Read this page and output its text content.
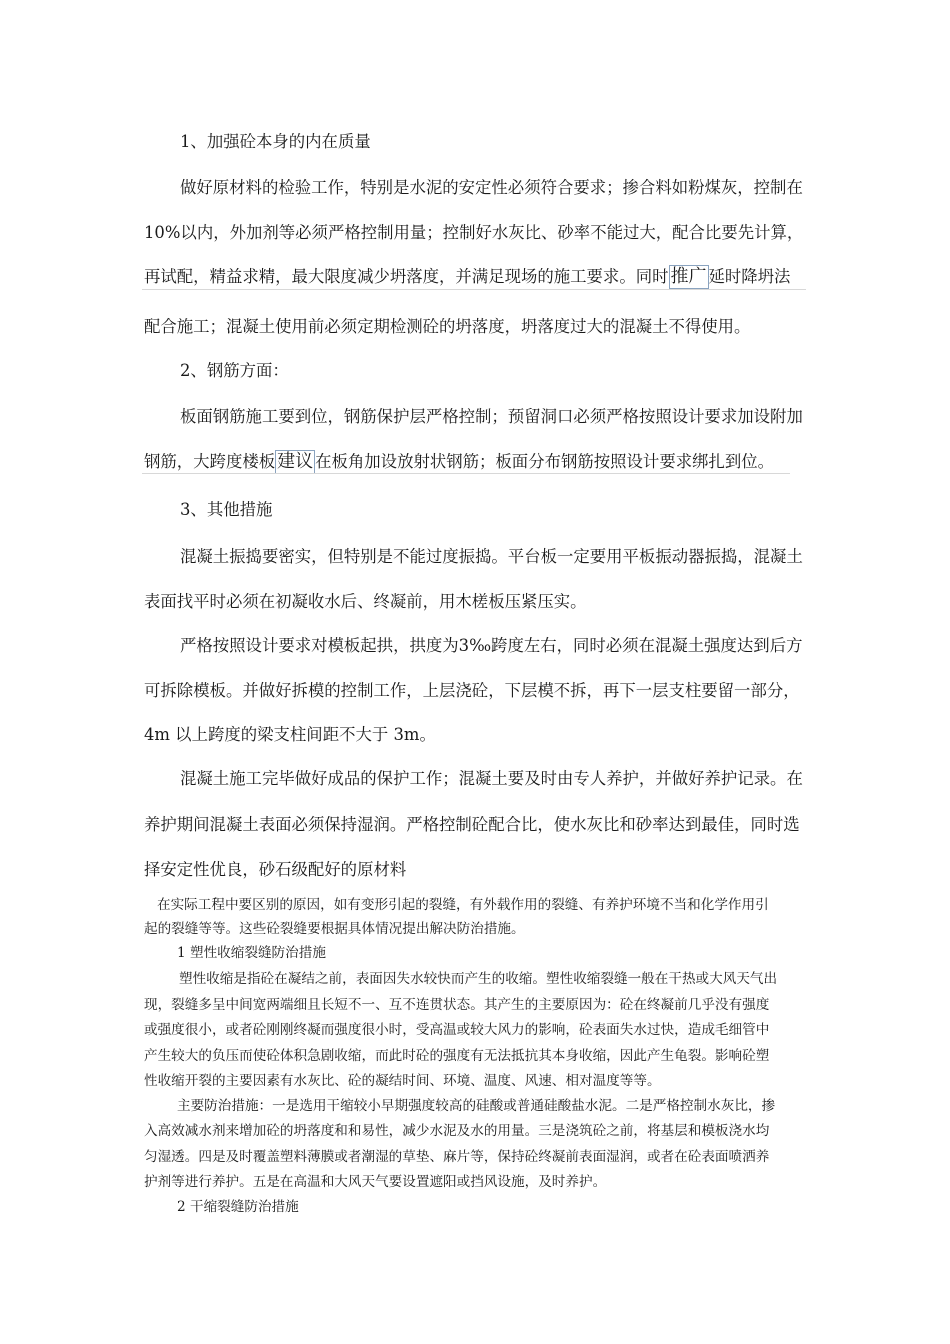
1、加强砼本身的内在质量
做好原材料的检验工作，特别是水泥的安定性必须符合要求；掺合料如粉煤灰，控制在
10%以内，外加剂等必须严格控制用量；控制好水灰比、砂率不能过大，配合比要先计算，
再试配，精益求精，最大限度减少坍落度，并满足现场的施工要求。同时 推广 延时降坍法
配合施工；混凝土使用前必须定期检测砼的坍落度，坍落度过大的混凝土不得使用。
2、钢筋方面：
板面钢筋施工要到位，钢筋保护层严格控制；预留洞口必须严格按照设计要求加设附加
钢筋，大跨度楼板 建议 在板角加设放射状钢筋；板面分布钢筋按照设计要求绑扎到位。
3、其他措施
混凝土振捣要密实，但特别是不能过度振捣。平台板一定要用平板振动器振捣，混凝土
表面找平时必须在初凝收水后、终凝前，用木槎板压紧压实。
严格按照设计要求对模板起拱，拱度为3‰跨度左右，同时必须在混凝土强度达到后方
可拆除模板。并做好拆模的控制工作，上层浇砼，下层模不拆，再下一层支柱要留一部分，
4m 以上跨度的梁支柱间距不大于 3m。
混凝土施工完毕做好成品的保护工作；混凝土要及时由专人养护，并做好养护记录。在
养护期间混凝土表面必须保持湿润。严格控制砼配合比，使水灰比和砂率达到最佳，同时选
择安定性优良，砂石级配好的原材料
在实际工程中要区别的原因，如有变形引起的裂缝，有外载作用的裂缝、有养护环境不当和化学作用引
起的裂缝等等。这些砼裂缝要根据具体情况提出解决防治措施。
1 塑性收缩裂缝防治措施
塑性收缩是指砼在凝结之前，表面因失水较快而产生的收缩。塑性收缩裂缝一般在干热或大风天气出
现，裂缝多呈中间宽两端细且长短不一、互不连贯状态。其产生的主要原因为：砼在终凝前几乎没有强度
或强度很小，或者砼刚刚终凝而强度很小时，受高温或较大风力的影响，砼表面失水过快，造成毛细管中
产生较大的负压而使砼体积急剧收缩，而此时砼的强度有无法抵抗其本身收缩，因此产生龟裂。影响砼塑
性收缩开裂的主要因素有水灰比、砼的凝结时间、环境、温度、风速、相对温度等等。
主要防治措施：一是选用干缩较小早期强度较高的硅酸或普通硅酸盐水泥。二是严格控制水灰比，掺
入高效减水剂来增加砼的坍落度和和易性，减少水泥及水的用量。三是浇筑砼之前，将基层和模板浇水均
匀湿透。四是及时覆盖塑料薄膜或者潮湿的草垫、麻片等，保持砼终凝前表面湿润，或者在砼表面喷洒养
护剂等进行养护。五是在高温和大风天气要设置遮阳或挡风设施，及时养护。
2 干缩裂缝防治措施
